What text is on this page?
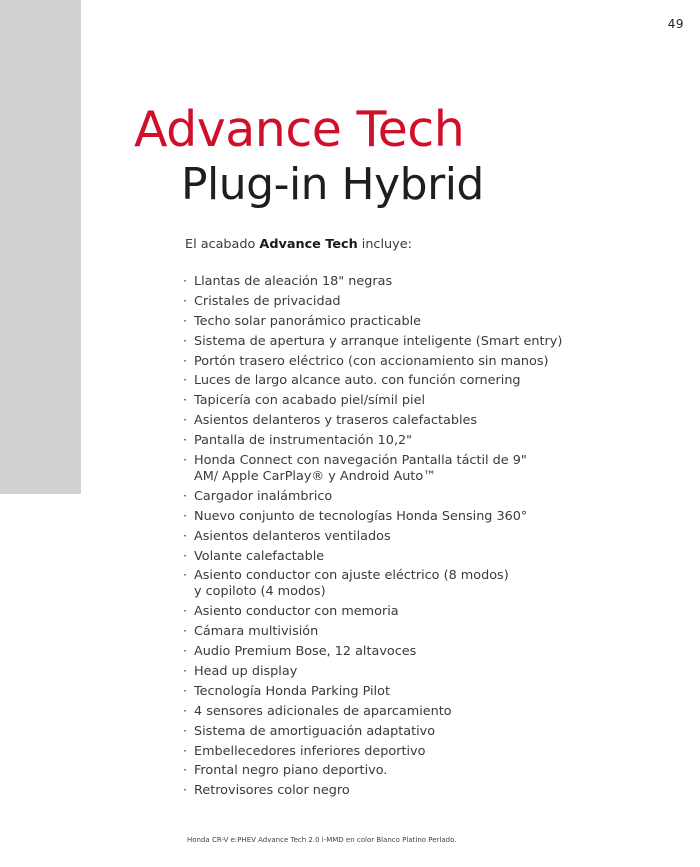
49
Advance Tech
Plug-in Hybrid
El acabado Advance Tech incluye:
· Llantas de aleación 18" negras
· Cristales de privacidad
· Techo solar panorámico practicable
· Sistema de apertura y arranque inteligente (Smart entry)
· Portón trasero eléctrico (con accionamiento sin manos)
· Luces de largo alcance auto. con función cornering
· Tapicería con acabado piel/símil piel
· Asientos delanteros y traseros calefactables
· Pantalla de instrumentación 10,2"
· Honda Connect con navegación Pantalla táctil de 9"
AM/ Apple CarPlay® y Android Auto™
· Cargador inalámbrico
· Nuevo conjunto de tecnologías Honda Sensing 360°
· Asientos delanteros ventilados
· Volante calefactable
· Asiento conductor con ajuste eléctrico (8 modos)
y copiloto (4 modos)
· Asiento conductor con memoria
· Cámara multivisión
· Audio Premium Bose, 12 altavoces
· Head up display
· Tecnología Honda Parking Pilot
· 4 sensores adicionales de aparcamiento
· Sistema de amortiguación adaptativo
· Embellecedores inferiores deportivo
· Frontal negro piano deportivo.
· Retrovisores color negro
Honda CR-V e:PHEV Advance Tech 2.0 i-MMD en color Blanco Platino Perlado.
